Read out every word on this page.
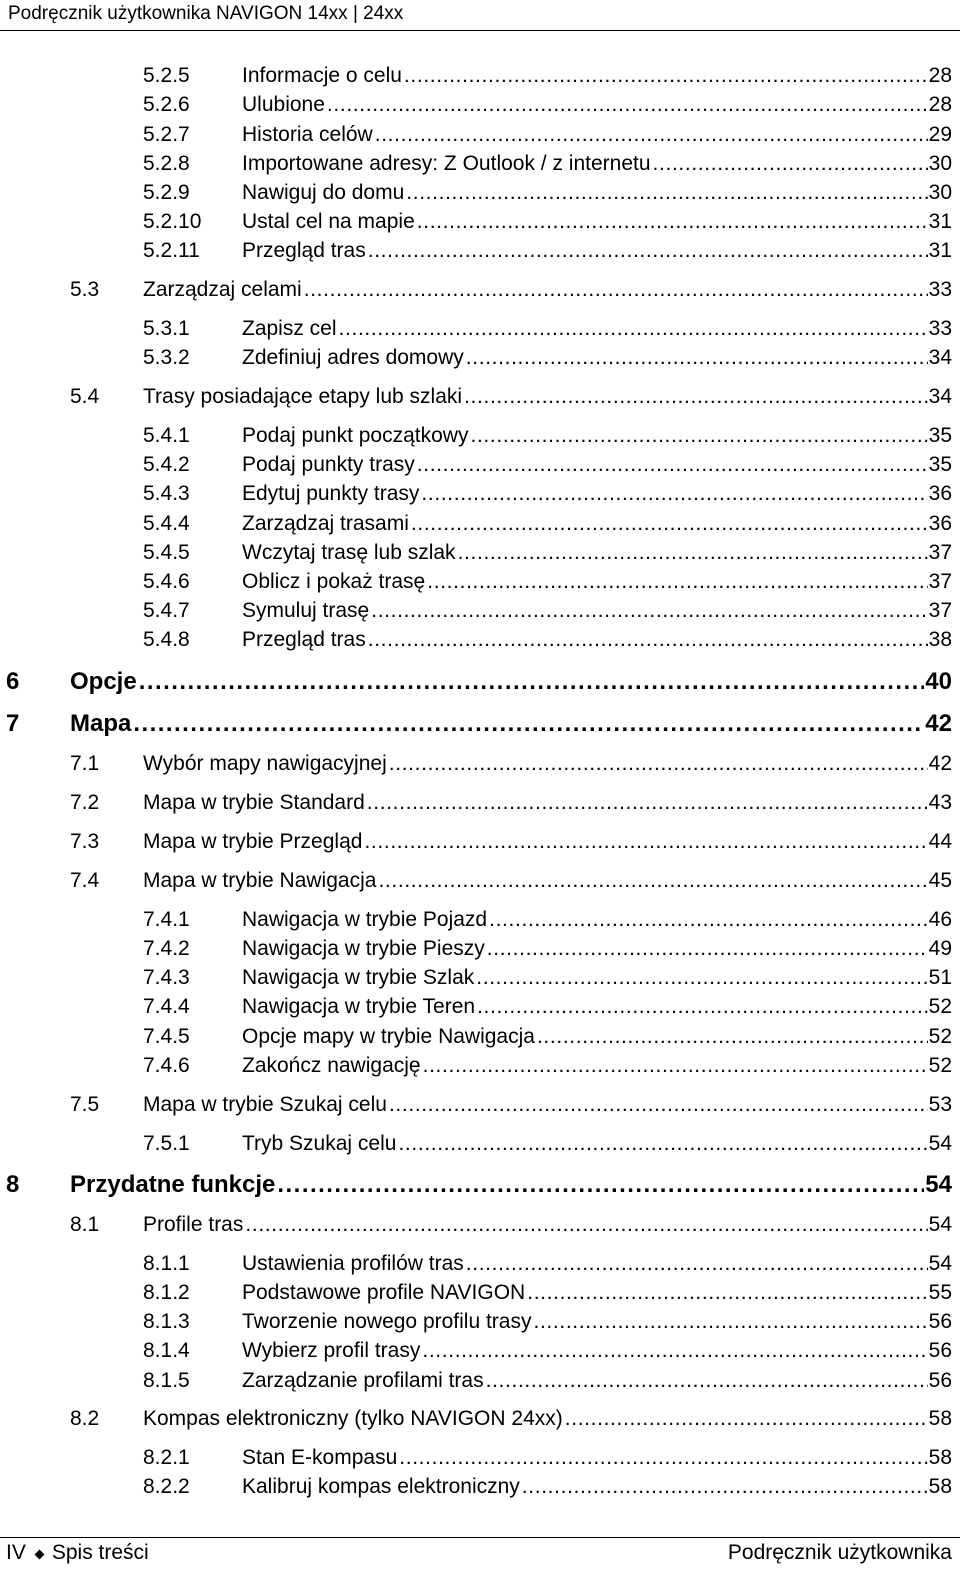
Podręcznik użytkownika NAVIGON 14xx | 24xx
5.2.5	Informacje o celu . . .	28
5.2.6	Ulubione . . .	28
5.2.7	Historia celów . . .	29
5.2.8	Importowane adresy: Z Outlook / z internetu . . .	30
5.2.9	Nawiguj do domu . . .	30
5.2.10	Ustal cel na mapie . . .	31
5.2.11	Przegląd tras . . .	31
5.3	Zarządzaj celami . . .	33
5.3.1	Zapisz cel . . .	33
5.3.2	Zdefiniuj adres domowy . . .	34
5.4	Trasy posiadające etapy lub szlaki . . .	34
5.4.1	Podaj punkt początkowy . . .	35
5.4.2	Podaj punkty trasy . . .	35
5.4.3	Edytuj punkty trasy . . .	36
5.4.4	Zarządzaj trasami . . .	36
5.4.5	Wczytaj trasę lub szlak . . .	37
5.4.6	Oblicz i pokaż trasę . . .	37
5.4.7	Symuluj trasę . . .	37
5.4.8	Przegląd tras . . .	38
6	Opcje . . .	40
7	Mapa . . .	42
7.1	Wybór mapy nawigacyjnej . . .	42
7.2	Mapa w trybie Standard . . .	43
7.3	Mapa w trybie Przegląd . . .	44
7.4	Mapa w trybie Nawigacja . . .	45
7.4.1	Nawigacja w trybie Pojazd . . .	46
7.4.2	Nawigacja w trybie Pieszy . . .	49
7.4.3	Nawigacja w trybie Szlak . . .	51
7.4.4	Nawigacja w trybie Teren . . .	52
7.4.5	Opcje mapy w trybie Nawigacja . . .	52
7.4.6	Zakończ nawigację . . .	52
7.5	Mapa w trybie Szukaj celu . . .	53
7.5.1	Tryb Szukaj celu . . .	54
8	Przydatne funkcje . . .	54
8.1	Profile tras . . .	54
8.1.1	Ustawienia profilów tras . . .	54
8.1.2	Podstawowe profile NAVIGON . . .	55
8.1.3	Tworzenie nowego profilu trasy . . .	56
8.1.4	Wybierz profil trasy . . .	56
8.1.5	Zarządzanie profilami tras . . .	56
8.2	Kompas elektroniczny (tylko NAVIGON 24xx) . . .	58
8.2.1	Stan E-kompasu . . .	58
8.2.2	Kalibruj kompas elektroniczny . . .	58
IV Spis treści	Podręcznik użytkownika
